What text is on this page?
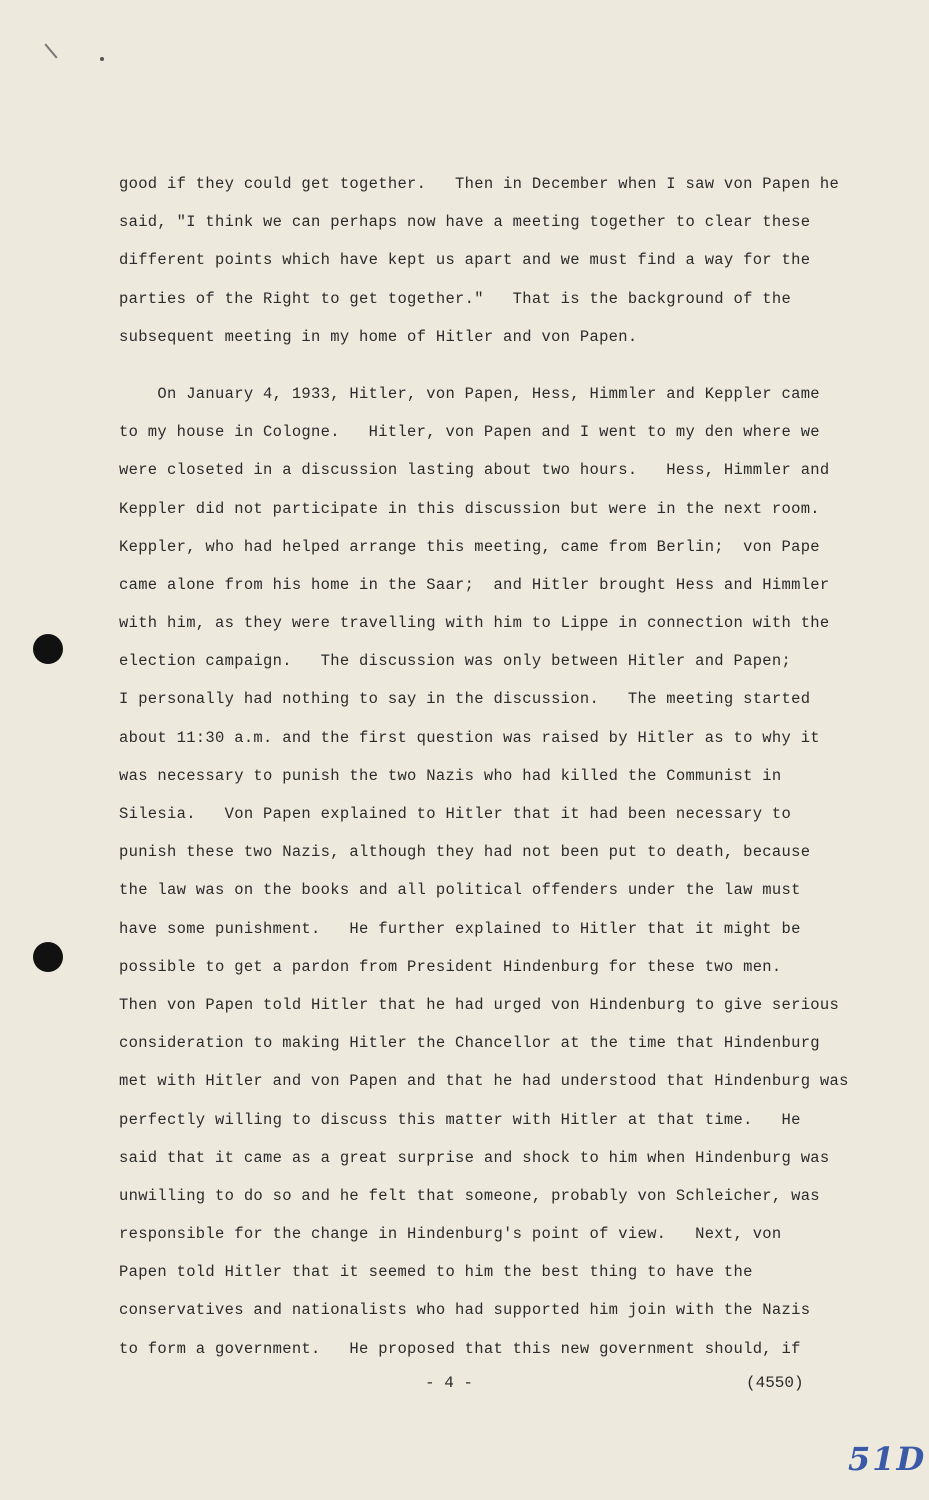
good if they could get together.   Then in December when I saw von Papen he
said, "I think we can perhaps now have a meeting together to clear these
different points which have kept us apart and we must find a way for the
parties of the Right to get together."   That is the background of the
subsequent meeting in my home of Hitler and von Papen.
On January 4, 1933, Hitler, von Papen, Hess, Himmler and Keppler came
to my house in Cologne.   Hitler, von Papen and I went to my den where we
were closeted in a discussion lasting about two hours.   Hess, Himmler and
Keppler did not participate in this discussion but were in the next room.
Keppler, who had helped arrange this meeting, came from Berlin;  von Pape
came alone from his home in the Saar;  and Hitler brought Hess and Himmler
with him, as they were travelling with him to Lippe in connection with the
election campaign.   The discussion was only between Hitler and Papen;
I personally had nothing to say in the discussion.   The meeting started
about 11:30 a.m. and the first question was raised by Hitler as to why it
was necessary to punish the two Nazis who had killed the Communist in
Silesia.   Von Papen explained to Hitler that it had been necessary to
punish these two Nazis, although they had not been put to death, because
the law was on the books and all political offenders under the law must
have some punishment.   He further explained to Hitler that it might be
possible to get a pardon from President Hindenburg for these two men.
Then von Papen told Hitler that he had urged von Hindenburg to give serious
consideration to making Hitler the Chancellor at the time that Hindenburg
met with Hitler and von Papen and that he had understood that Hindenburg was
perfectly willing to discuss this matter with Hitler at that time.   He
said that it came as a great surprise and shock to him when Hindenburg was
unwilling to do so and he felt that someone, probably von Schleicher, was
responsible for the change in Hindenburg's point of view.   Next, von
Papen told Hitler that it seemed to him the best thing to have the
conservatives and nationalists who had supported him join with the Nazis
to form a government.   He proposed that this new government should, if
- 4 -	(4550)
51D
